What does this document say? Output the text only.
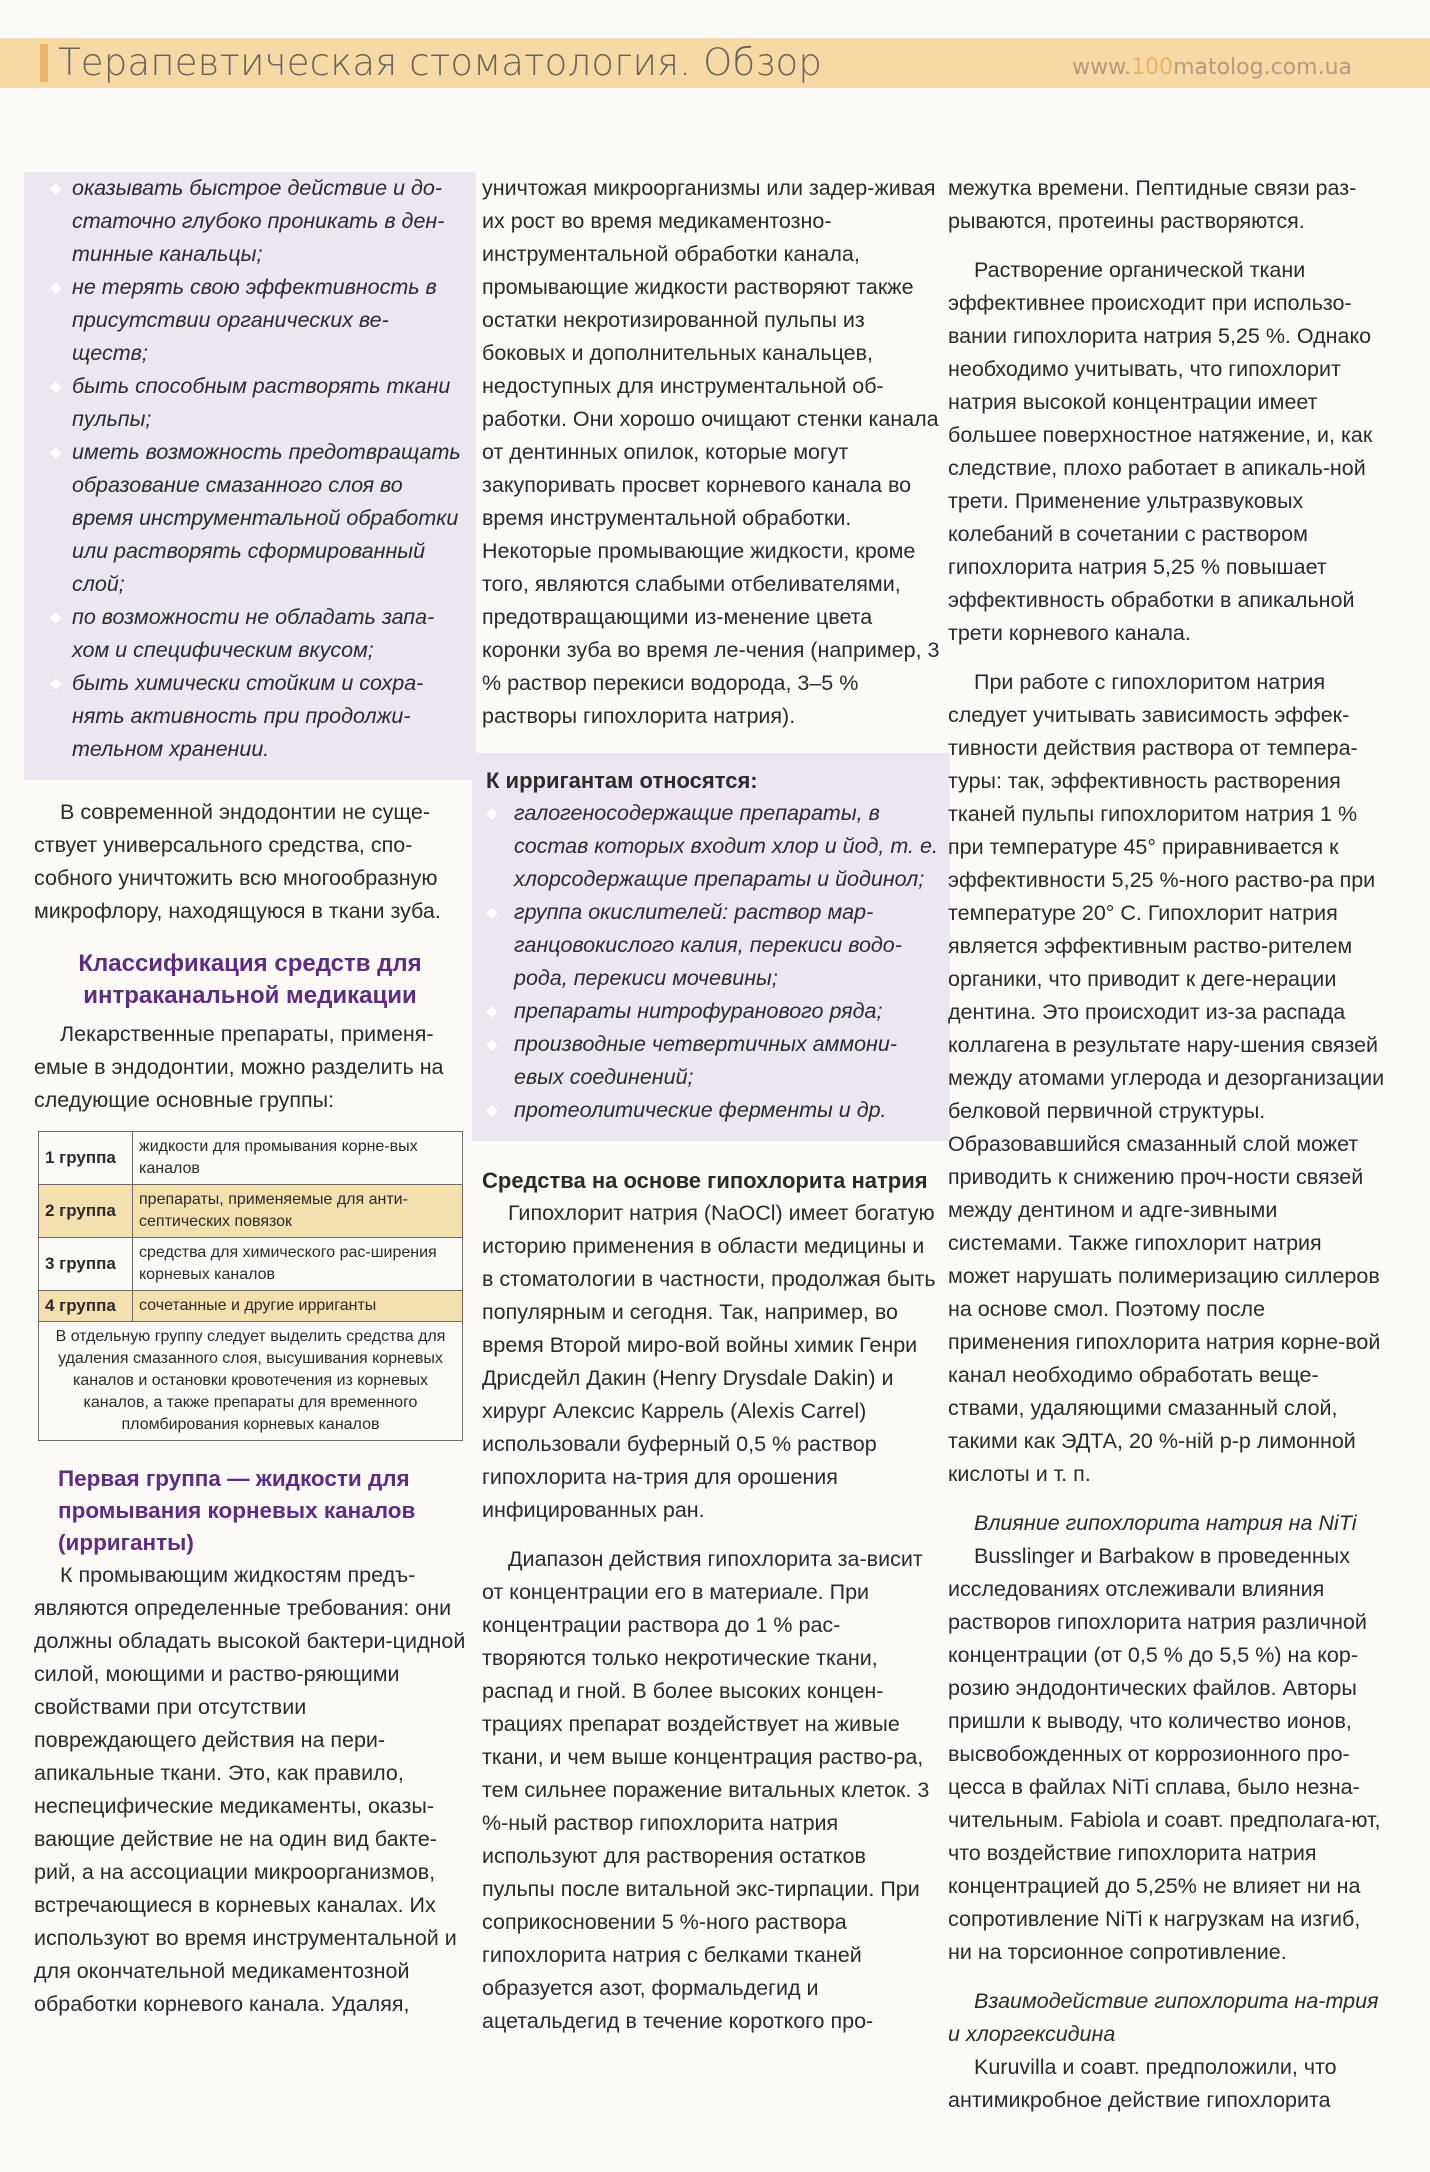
Терапевтическая стоматология. Обзор	www.100matolog.com.ua
◆ оказывать быстрое действие и до-статочно глубоко проникать в ден-тинные канальцы;
◆ не терять свою эффективность в присутствии органических ве-ществ;
◆ быть способным растворять ткани пульпы;
◆ иметь возможность предотвращать образование смазанного слоя во время инструментальной обработки или растворять сформированный слой;
◆ по возможности не обладать запа-хом и специфическим вкусом;
◆ быть химически стойким и сохра-нять активность при продолжи-тельном хранении.

В современной эндодонтии не суще-ствует универсального средства, спо-собного уничтожить всю многообразную микрофлору, находящуюся в ткани зуба.

Классификация средств для интраканальной медикации

Лекарственные препараты, применя-емые в эндодонтии, можно разделить на следующие основные группы:

1 группа	жидкости для промывания корне-вых каналов
2 группа	препараты, применяемые для анти-септических повязок
3 группа	средства для химического рас-ширения корневых каналов
4 группа	сочетанные и другие ирриганты
В отдельную группу следует выделить средства для удаления смазанного слоя, высушивания корневых каналов и остановки кровотечения из корневых каналов, а также препараты для временного пломбирования корневых каналов	
Первая группа — жидкости для промывания корневых каналов (ирриганты)

К промывающим жидкостям предъ-являются определенные требования: они должны обладать высокой бактери-цидной силой, моющими и раство-ряющими свойствами при отсутствии повреждающего действия на пери-апикальные ткани. Это, как правило, неспецифические медикаменты, оказы-вающие действие не на один вид бакте-рий, а на ассоциации микроорганизмов, встречающиеся в корневых каналах. Их используют во время инструментальной и для окончательной медикаментозной обработки корневого канала. Удаляя,

уничтожая микроорганизмы или задер-живая их рост во время медикаментозно-инструментальной обработки канала, промывающие жидкости растворяют также остатки некротизированной пульпы из боковых и дополнительных канальцев, недоступных для инструментальной об-работки. Они хорошо очищают стенки канала от дентинных опилок, которые могут закупоривать просвет корневого канала во время инструментальной обработки. Некоторые промывающие жидкости, кроме того, являются слабыми отбеливателями, предотвращающими из-менение цвета коронки зуба во время ле-чения (например, 3 % раствор перекиси водорода, 3–5 % растворы гипохлорита натрия).

К ирригантам относятся:
◆ галогеносодержащие препараты, в состав которых входит хлор и йод, т. е. хлорсодержащие препараты и йодинол;
◆ группа окислителей: раствор мар-ганцовокислого калия, перекиси водо-рода, перекиси мочевины;
◆ препараты нитрофуранового ряда;
◆ производные четвертичных аммони-евых соединений;
◆ протеолитические ферменты и др.
Средства на основе гипохлорита натрия

Гипохлорит натрия (NaOCl) имеет богатую историю применения в области медицины и в стоматологии в частности, продолжая быть популярным и сегодня. Так, например, во время Второй миро-вой войны химик Генри Дрисдейл Дакин (Henry Drysdale Dakin) и хирург Алексис Каррель (Alexis Carrel) использовали буферный 0,5 % раствор гипохлорита на-трия для орошения инфицированных ран.

Диапазон действия гипохлорита за-висит от концентрации его в материале. При концентрации раствора до 1 % рас-творяются только некротические ткани, распад и гной. В более высоких концен-трациях препарат воздействует на живые ткани, и чем выше концентрация раство-ра, тем сильнее поражение витальных клеток. 3 %-ный раствор гипохлорита натрия используют для растворения остатков пульпы после витальной экс-тирпации. При соприкосновении 5 %-ного раствора гипохлорита натрия с белками тканей образуется азот, формальдегид и ацетальдегид в течение короткого про-

межутка времени. Пептидные связи раз-рываются, протеины растворяются.

Растворение органической ткани эффективнее происходит при использо-вании гипохлорита натрия 5,25 %. Однако необходимо учитывать, что гипохлорит натрия высокой концентрации имеет большее поверхностное натяжение, и, как следствие, плохо работает в апикаль-ной трети. Применение ультразвуковых колебаний в сочетании с раствором гипохлорита натрия 5,25 % повышает эффективность обработки в апикальной трети корневого канала.

При работе с гипохлоритом натрия следует учитывать зависимость эффек-тивности действия раствора от темпера-туры: так, эффективность растворения тканей пульпы гипохлоритом натрия 1 % при температуре 45° приравнивается к эффективности 5,25 %-ного раство-ра при температуре 20° С. Гипохлорит натрия является эффективным раство-рителем органики, что приводит к деге-нерации дентина. Это происходит из-за распада коллагена в результате нару-шения связей между атомами углерода и дезорганизации белковой первичной структуры. Образовавшийся смазанный слой может приводить к снижению проч-ности связей между дентином и адге-зивными системами. Также гипохлорит натрия может нарушать полимеризацию силлеров на основе смол. Поэтому после применения гипохлорита натрия корне-вой канал необходимо обработать веще-ствами, удаляющими смазанный слой, такими как ЭДТА, 20 %-ній р-р лимонной кислоты и т. п.

Влияние гипохлорита натрия на NiTi

Busslinger и Barbakow в проведенных исследованиях отслеживали влияния растворов гипохлорита натрия различной концентрации (от 0,5 % до 5,5 %) на кор-розию эндодонтических файлов. Авторы пришли к выводу, что количество ионов, высвобожденных от коррозионного про-цесса в файлах NiTi сплава, было незна-чительным. Fabiola и соавт. предполага-ют, что воздействие гипохлорита натрия концентрацией до 5,25% не влияет ни на сопротивление NiTi к нагрузкам на изгиб, ни на торсионное сопротивление.

Взаимодействие гипохлорита на-трия и хлоргексидина

Kuruvilla и соавт. предположили, что антимикробное действие гипохлорита
